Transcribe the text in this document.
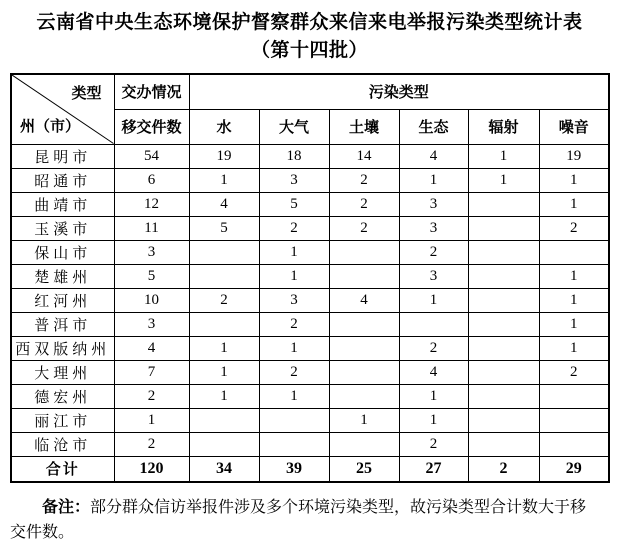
云南省中央生态环境保护督察群众来信来电举报污染类型统计表
（第十四批）
类型
州（市）	交办情况	污染类型					
	移交件数	水	大气	土壤	生态	辐射	噪音
昆明市	54	19	18	14	4	1	19
昭通市	6	1	3	2	1	1	1
曲靖市	12	4	5	2	3		1
玉溪市	11	5	2	2	3		2
保山市	3		1		2		
楚雄州	5		1		3		1
红河州	10	2	3	4	1		1
普洱市	3		2				1
西双版纳州	4	1	1		2		1
大理州	7	1	2		4		2
德宏州	2	1	1		1		
丽江市	1			1	1		
临沧市	2				2		
合计	120	34	39	25	27	2	29

备注：部分群众信访举报件涉及多个环境污染类型，故污染类型合计数大于移交件数。
